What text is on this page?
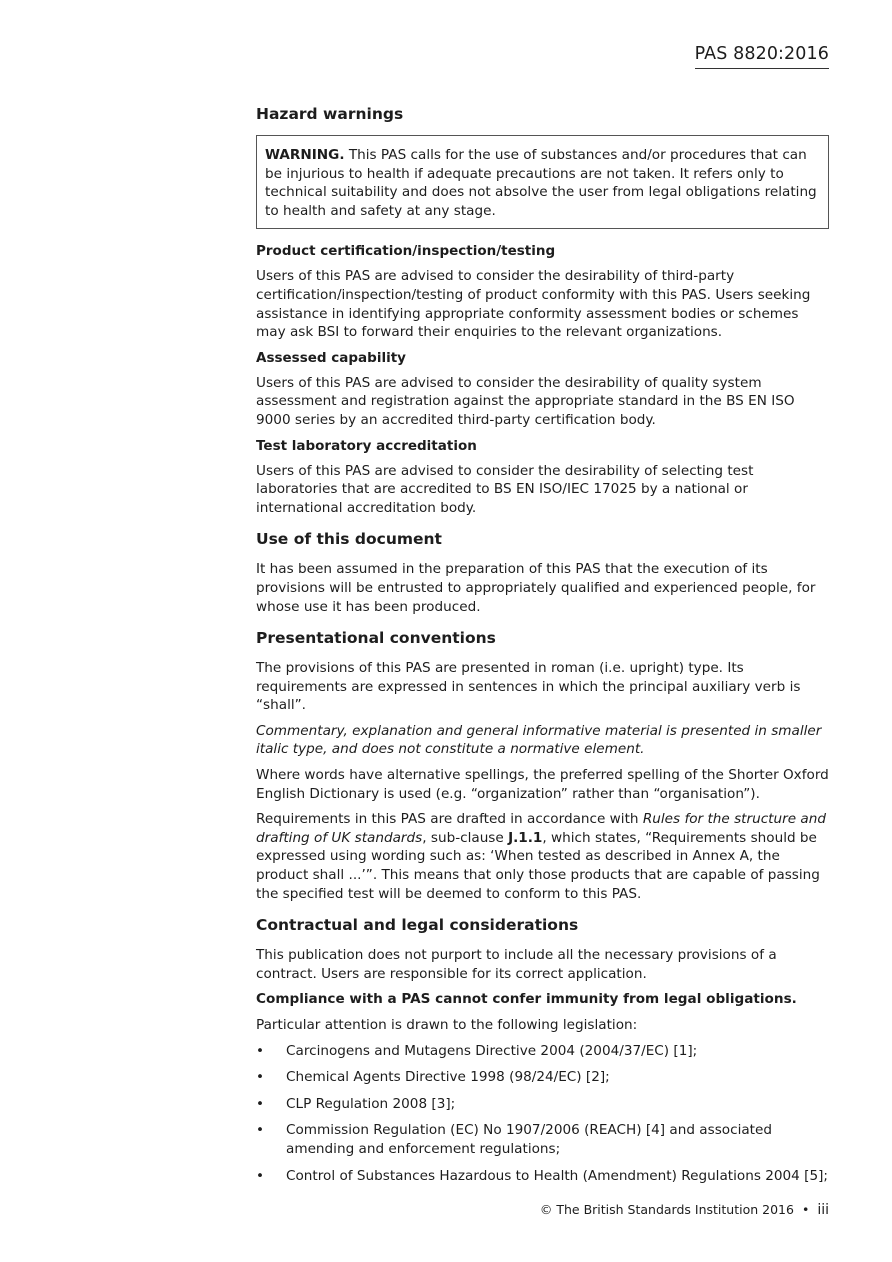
PAS 8820:2016
Hazard warnings
WARNING. This PAS calls for the use of substances and/or procedures that can be injurious to health if adequate precautions are not taken. It refers only to technical suitability and does not absolve the user from legal obligations relating to health and safety at any stage.
Product certification/inspection/testing

Users of this PAS are advised to consider the desirability of third-party certification/inspection/testing of product conformity with this PAS. Users seeking assistance in identifying appropriate conformity assessment bodies or schemes may ask BSI to forward their enquiries to the relevant organizations.

Assessed capability

Users of this PAS are advised to consider the desirability of quality system assessment and registration against the appropriate standard in the BS EN ISO 9000 series by an accredited third-party certification body.

Test laboratory accreditation

Users of this PAS are advised to consider the desirability of selecting test laboratories that are accredited to BS EN ISO/IEC 17025 by a national or international accreditation body.

Use of this document

It has been assumed in the preparation of this PAS that the execution of its provisions will be entrusted to appropriately qualified and experienced people, for whose use it has been produced.

Presentational conventions

The provisions of this PAS are presented in roman (i.e. upright) type. Its requirements are expressed in sentences in which the principal auxiliary verb is “shall”.

Commentary, explanation and general informative material is presented in smaller italic type, and does not constitute a normative element.

Where words have alternative spellings, the preferred spelling of the Shorter Oxford English Dictionary is used (e.g. “organization” rather than “organisation”).

Requirements in this PAS are drafted in accordance with Rules for the structure and drafting of UK standards, sub-clause J.1.1, which states, “Requirements should be expressed using wording such as: ‘When tested as described in Annex A, the product shall ...’”. This means that only those products that are capable of passing the specified test will be deemed to conform to this PAS.

Contractual and legal considerations

This publication does not purport to include all the necessary provisions of a contract. Users are responsible for its correct application.

Compliance with a PAS cannot confer immunity from legal obligations.

Particular attention is drawn to the following legislation:

• Carcinogens and Mutagens Directive 2004 (2004/37/EC) [1];
• Chemical Agents Directive 1998 (98/24/EC) [2];
• CLP Regulation 2008 [3];
• Commission Regulation (EC) No 1907/2006 (REACH) [4] and associated amending and enforcement regulations;
• Control of Substances Hazardous to Health (Amendment) Regulations 2004 [5];
© The British Standards Institution 2016 • iii
